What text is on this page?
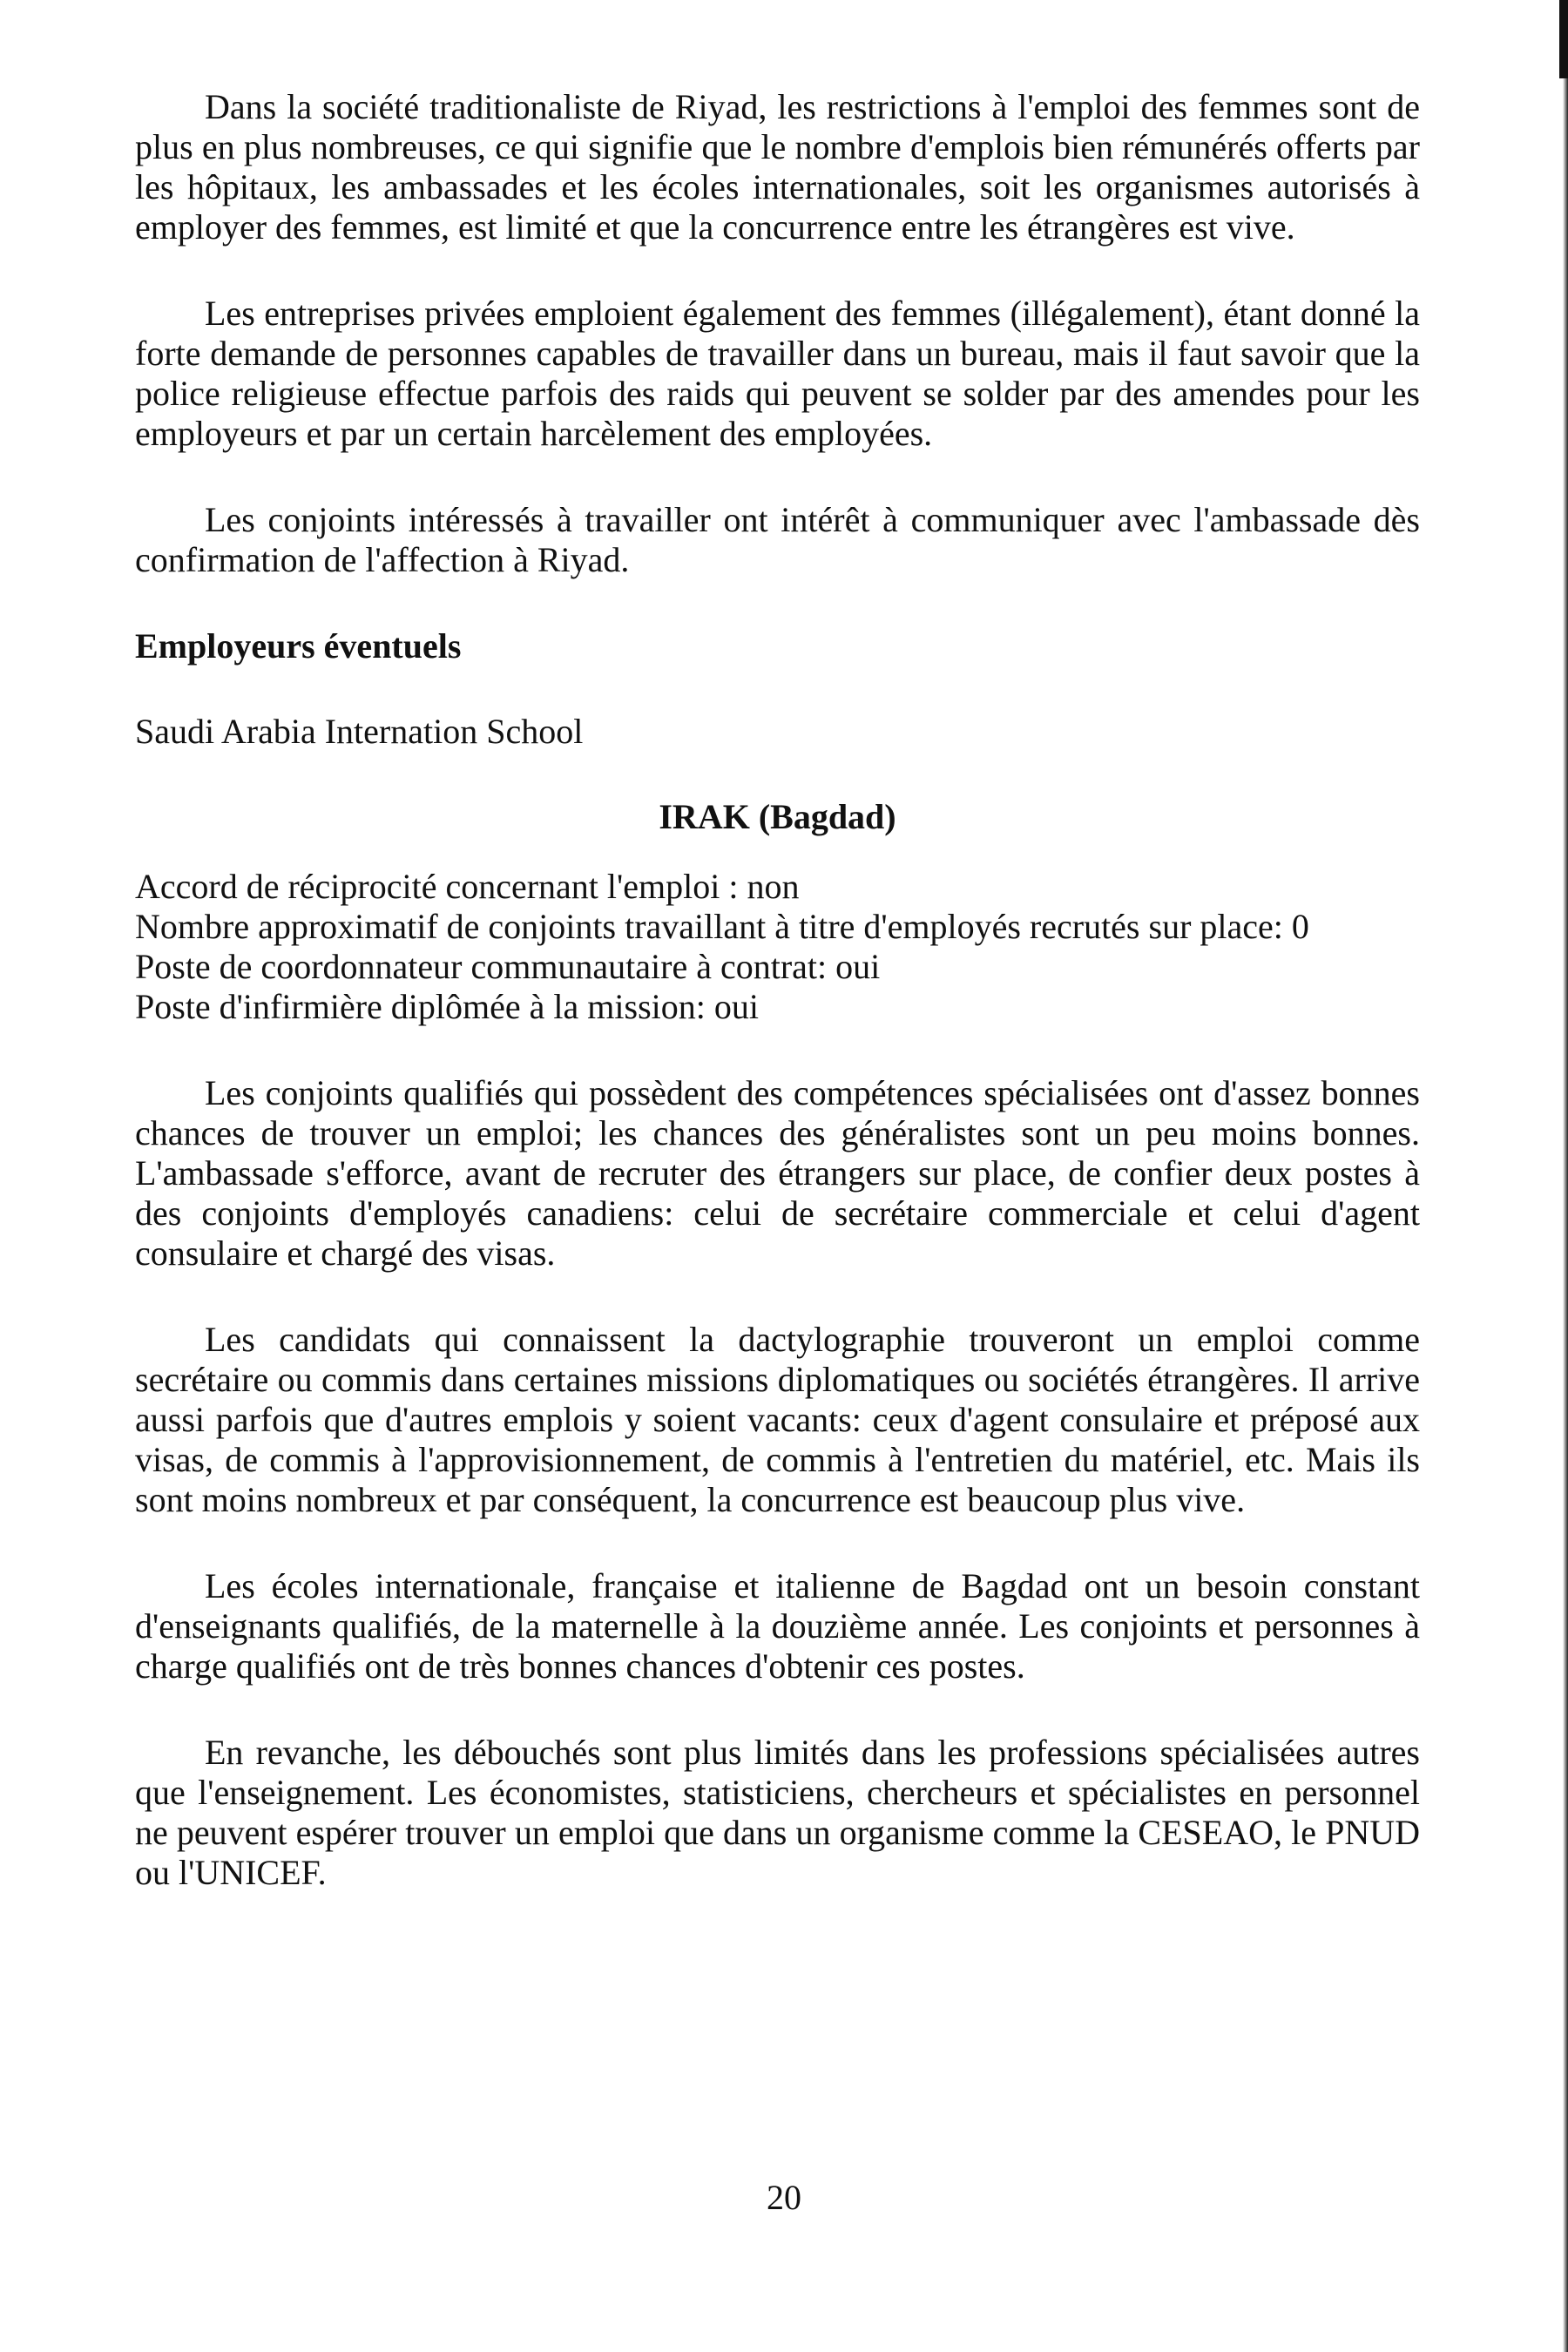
Dans la société traditionaliste de Riyad, les restrictions à l'emploi des femmes sont de plus en plus nombreuses, ce qui signifie que le nombre d'emplois bien rémunérés offerts par les hôpitaux, les ambassades et les écoles internationales, soit les organismes autorisés à employer des femmes, est limité et que la concurrence entre les étrangères est vive.

Les entreprises privées emploient également des femmes (illégalement), étant donné la forte demande de personnes capables de travailler dans un bureau, mais il faut savoir que la police religieuse effectue parfois des raids qui peuvent se solder par des amendes pour les employeurs et par un certain harcèlement des employées.

Les conjoints intéressés à travailler ont intérêt à communiquer avec l'ambassade dès confirmation de l'affection à Riyad.

Employeurs éventuels

Saudi Arabia Internation School

IRAK (Bagdad)

Accord de réciprocité concernant l'emploi : non

Nombre approximatif de conjoints travaillant à titre d'employés recrutés sur place: 0

Poste de coordonnateur communautaire à contrat: oui

Poste d'infirmière diplômée à la mission: oui

Les conjoints qualifiés qui possèdent des compétences spécialisées ont d'assez bonnes chances de trouver un emploi; les chances des généralistes sont un peu moins bonnes. L'ambassade s'efforce, avant de recruter des étrangers sur place, de confier deux postes à des conjoints d'employés canadiens: celui de secrétaire commerciale et celui d'agent consulaire et chargé des visas.

Les candidats qui connaissent la dactylographie trouveront un emploi comme secrétaire ou commis dans certaines missions diplomatiques ou sociétés étrangères. Il arrive aussi parfois que d'autres emplois y soient vacants: ceux d'agent consulaire et préposé aux visas, de commis à l'approvisionnement, de commis à l'entretien du matériel, etc. Mais ils sont moins nombreux et par conséquent, la concurrence est beaucoup plus vive.

Les écoles internationale, française et italienne de Bagdad ont un besoin constant d'enseignants qualifiés, de la maternelle à la douzième année. Les conjoints et personnes à charge qualifiés ont de très bonnes chances d'obtenir ces postes.

En revanche, les débouchés sont plus limités dans les professions spécialisées autres que l'enseignement. Les économistes, statisticiens, chercheurs et spécialistes en personnel ne peuvent espérer trouver un emploi que dans un organisme comme la CESEAO, le PNUD ou l'UNICEF.

20
